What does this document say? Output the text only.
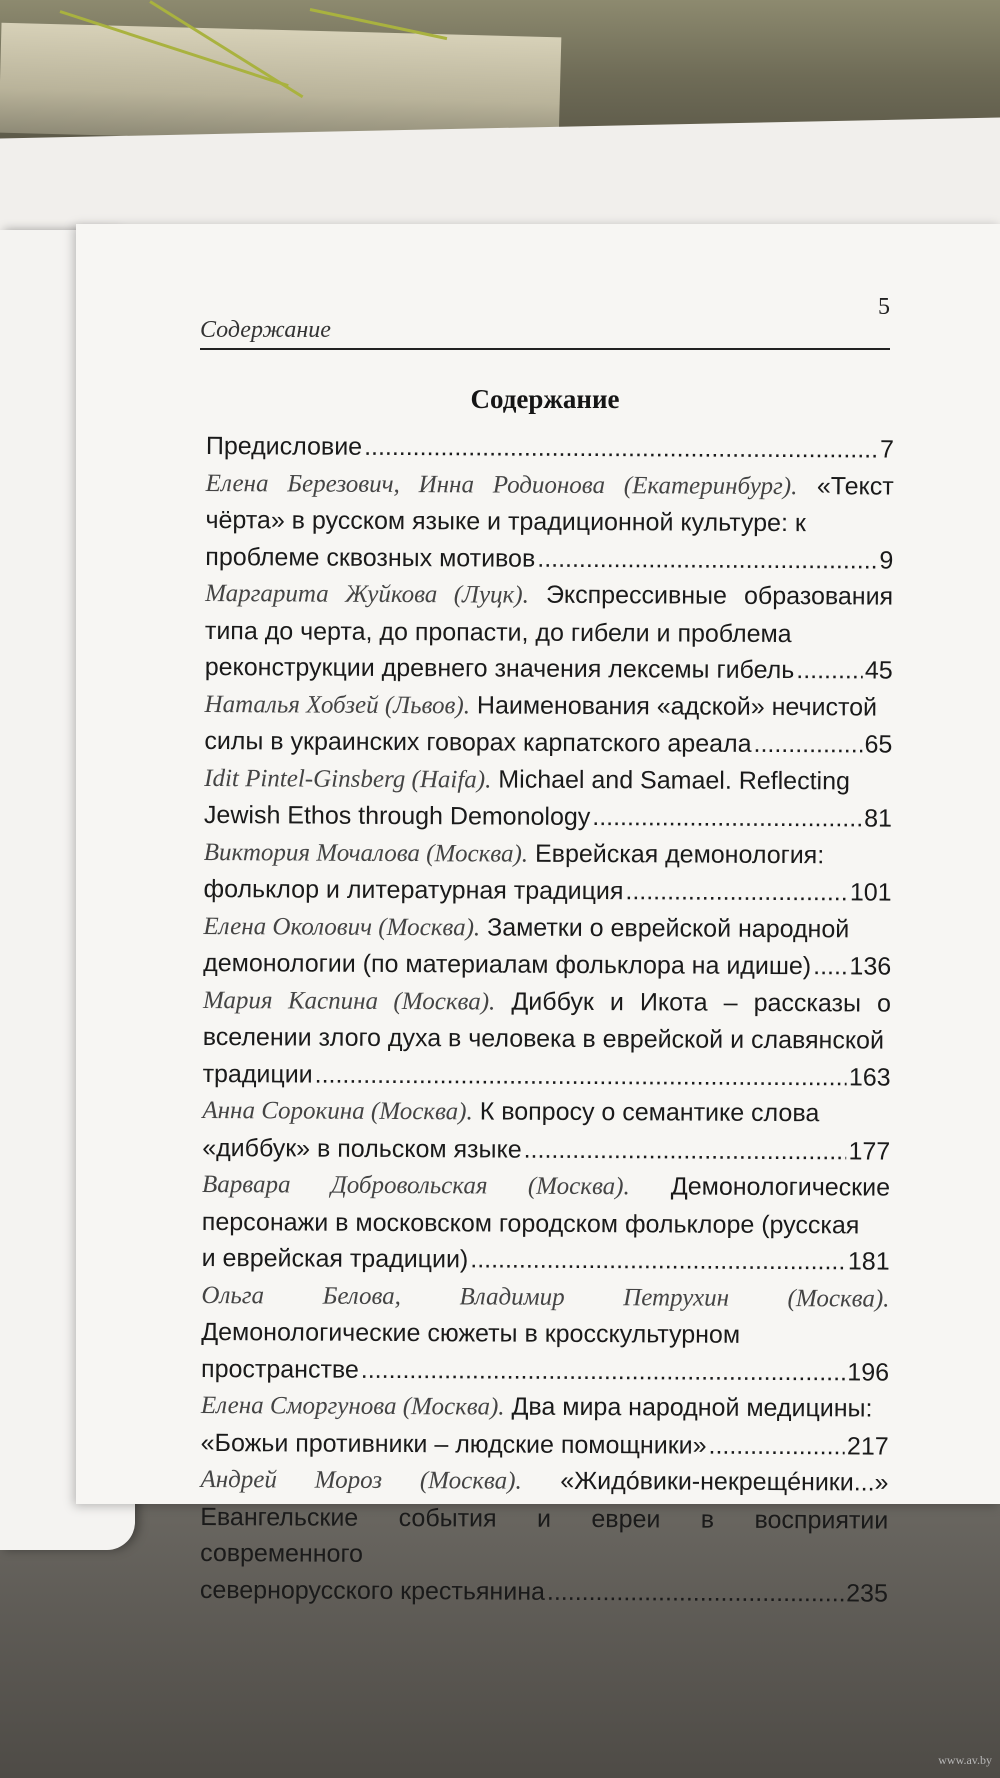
Содержание
5
Содержание
Предисловие .....	7
Елена Березович, Инна Родионова (Екатеринбург). «Текст чёрта» в русском языке и традиционной культуре: к
проблеме сквозных мотивов .....	9
Маргарита Жуйкова (Луцк). Экспрессивные образования типа до черта, до пропасти, до гибели и проблема
реконструкции древнего значения лексемы гибель .....	45
Наталья Хобзей (Львов). Наименования «адской» нечистой
силы в украинских говорах карпатского ареала .....	65
Idit Pintel-Ginsberg (Haifa). Michael and Samael. Reflecting
Jewish Ethos through Demonology .....	81
Виктория Мочалова (Москва). Еврейская демонология:
фольклор и литературная традиция .....	101
Елена Околович (Москва). Заметки о еврейской народной
демонологии (по материалам фольклора на идише) ..... 136
Мария Каспина (Москва). Диббук и Икота – рассказы о вселении злого духа в человека в еврейской и славянской
традиции .....	163
Анна Сорокина (Москва). К вопросу о семантике слова
«диббук» в польском языке .....	177
Варвара Добровольская (Москва). Демонологические персонажи в московском городском фольклоре (русская
и еврейская традиции) .....	181
Ольга Белова, Владимир Петрухин (Москва). Демонологические сюжеты в кросскультурном
пространстве .....	196
Елена Сморгунова (Москва). Два мира народной медицины:
«Божьи противники – людские помощники» .....	217
Андрей Мороз (Москва). «Жидóвики-некрещéники...» Евангельские события и евреи в восприятии современного
севернорусского крестьянина .....	235
www.av.by
